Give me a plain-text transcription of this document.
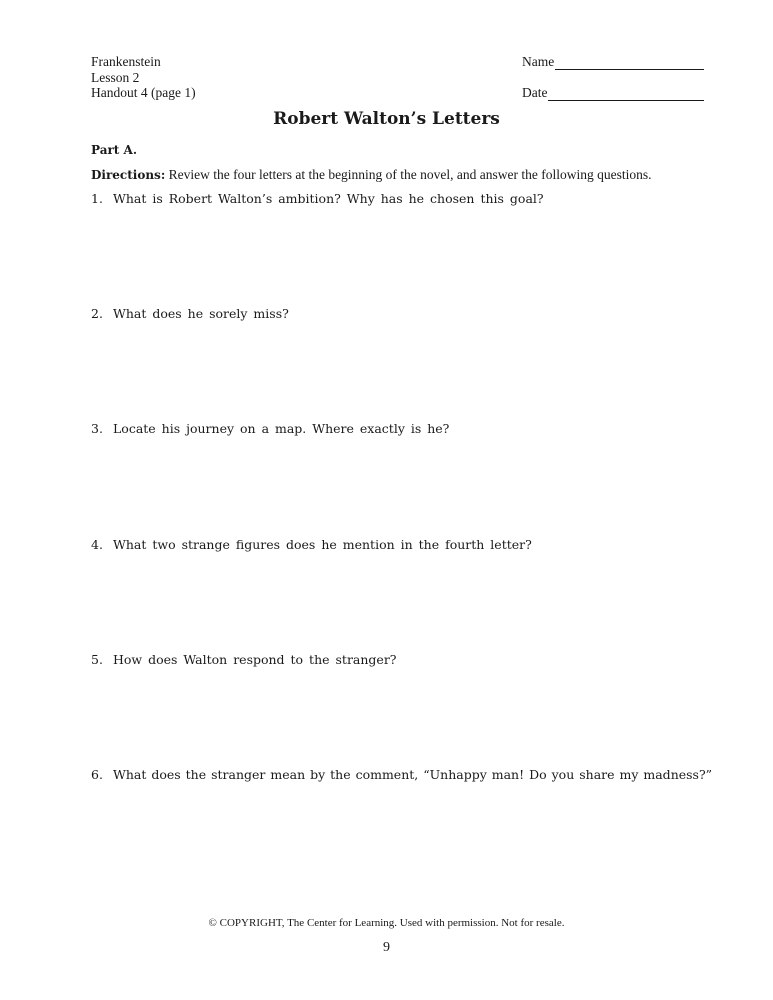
Frankenstein
Lesson 2
Handout 4 (page 1)
Name
Date
Robert Walton’s Letters
Part A.
Directions: Review the four letters at the beginning of the novel, and answer the following questions.
1. What is Robert Walton’s ambition? Why has he chosen this goal?
2. What does he sorely miss?
3. Locate his journey on a map. Where exactly is he?
4. What two strange figures does he mention in the fourth letter?
5. How does Walton respond to the stranger?
6. What does the stranger mean by the comment, “Unhappy man! Do you share my madness?”
© COPYRIGHT, The Center for Learning. Used with permission. Not for resale.
9
